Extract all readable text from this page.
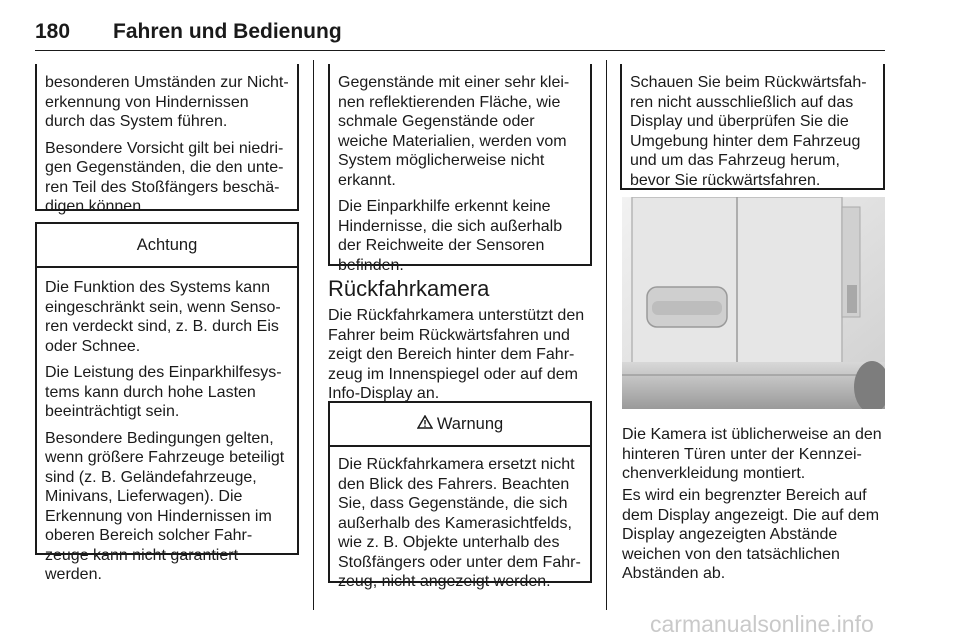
180 Fahren und Bedienung

besonderen Umständen zur Nicht-
erkennung von Hindernissen
durch das System führen.

Besondere Vorsicht gilt bei niedri-
gen Gegenständen, die den unte-
ren Teil des Stoßfängers beschä-
digen können.

Achtung

Die Funktion des Systems kann
eingeschränkt sein, wenn Senso-
ren verdeckt sind, z. B. durch Eis
oder Schnee.

Die Leistung des Einparkhilfesys-
tems kann durch hohe Lasten
beeinträchtigt sein.

Besondere Bedingungen gelten,
wenn größere Fahrzeuge beteiligt
sind (z. B. Geländefahrzeuge,
Minivans, Lieferwagen). Die
Erkennung von Hindernissen im
oberen Bereich solcher Fahr-
zeuge kann nicht garantiert
werden.

Gegenstände mit einer sehr klei-
nen reflektierenden Fläche, wie
schmale Gegenstände oder
weiche Materialien, werden vom
System möglicherweise nicht
erkannt.

Die Einparkhilfe erkennt keine
Hindernisse, die sich außerhalb
der Reichweite der Sensoren
befinden.

Rückfahrkamera

Die Rückfahrkamera unterstützt den
Fahrer beim Rückwärtsfahren und
zeigt den Bereich hinter dem Fahr-
zeug im Innenspiegel oder auf dem
Info-Display an.

Warnung

Die Rückfahrkamera ersetzt nicht
den Blick des Fahrers. Beachten
Sie, dass Gegenstände, die sich
außerhalb des Kamerasichtfelds,
wie z. B. Objekte unterhalb des
Stoßfängers oder unter dem Fahr-
zeug, nicht angezeigt werden.

Schauen Sie beim Rückwärtsfah-
ren nicht ausschließlich auf das
Display und überprüfen Sie die
Umgebung hinter dem Fahrzeug
und um das Fahrzeug herum,
bevor Sie rückwärtsfahren.

Die Kamera ist üblicherweise an den
hinteren Türen unter der Kennzei-
chenverkleidung montiert.

Es wird ein begrenzter Bereich auf
dem Display angezeigt. Die auf dem
Display angezeigten Abstände
weichen von den tatsächlichen
Abständen ab.

carmanualsonline.info
